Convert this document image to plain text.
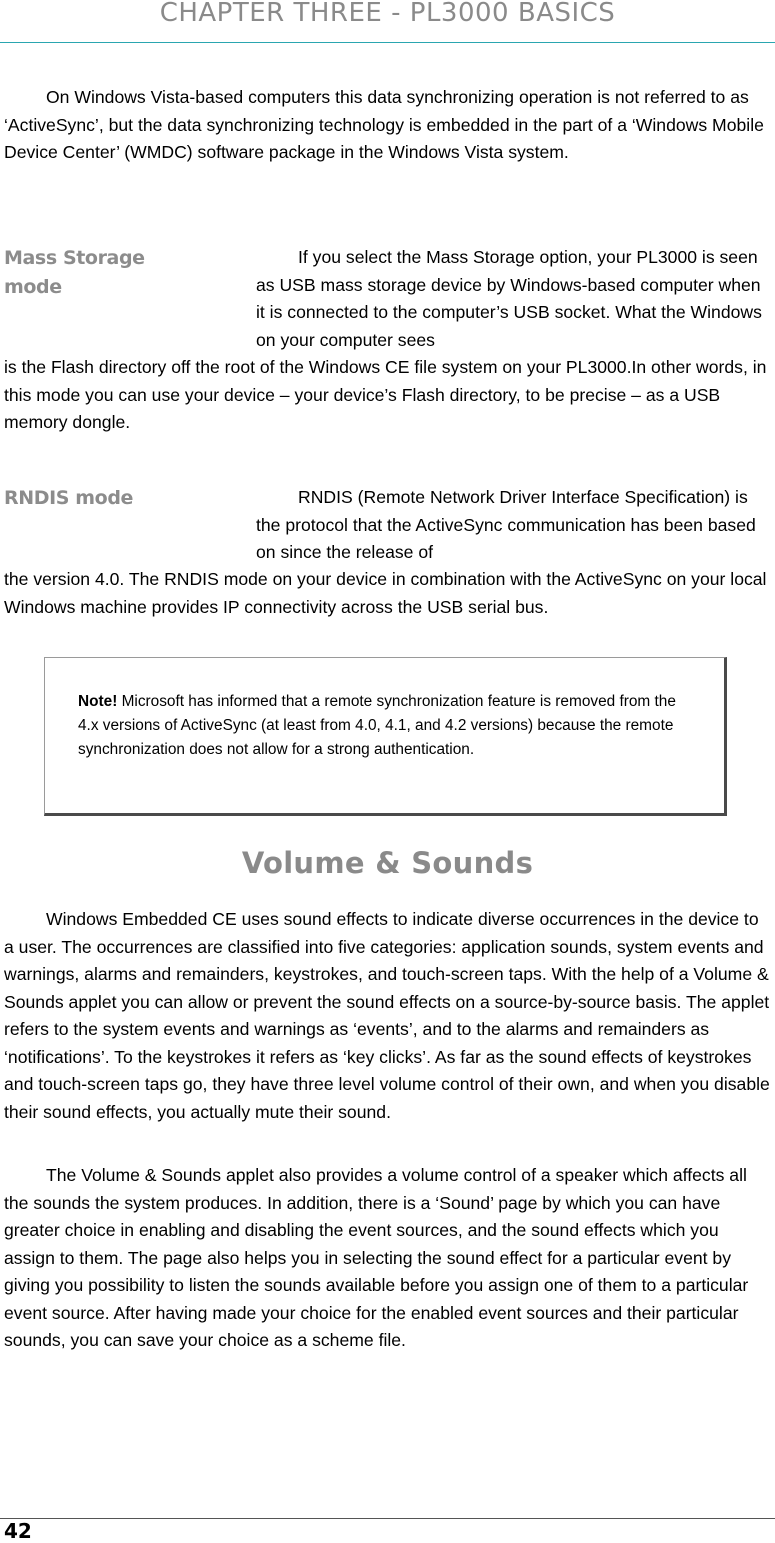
CHAPTER THREE - PL3000 BASICS

On Windows Vista-based computers this data synchronizing operation is not referred to as ‘ActiveSync’, but the data synchronizing technology is embedded in the part of a ‘Windows Mobile Device Center’ (WMDC) software package in the Windows Vista system.

Mass Storage
mode

If you select the Mass Storage option, your PL3000 is seen as USB mass storage device by Windows-based computer when it is connected to the computer’s USB socket. What the Windows on your computer sees

is the Flash directory off the root of the Windows CE file system on your PL3000.In other words, in this mode you can use your device – your device’s Flash directory, to be precise – as a USB memory dongle.

RNDIS mode	RNDIS (Remote Network Driver Interface Specification) is the protocol that the ActiveSync communication has been based on since the release of

the version 4.0. The RNDIS mode on your device in combination with the ActiveSync on your local Windows machine provides IP connectivity across the USB serial bus.

Note! Microsoft has informed that a remote synchronization feature is removed from the 4.x versions of ActiveSync (at least from 4.0, 4.1, and 4.2 versions) because the remote synchronization does not allow for a strong authentication.
Volume & Sounds

Windows Embedded CE uses sound effects to indicate diverse occurrences in the device to a user. The occurrences are classified into five categories: application sounds, system events and warnings, alarms and remainders, keystrokes, and touch-screen taps. With the help of a Volume & Sounds applet you can allow or prevent the sound effects on a source-by-source basis. The applet refers to the system events and warnings as ‘events’, and to the alarms and remainders as ‘notifications’. To the keystrokes it refers as ‘key clicks’. As far as the sound effects of keystrokes and touch-screen taps go, they have three level volume control of their own, and when you disable their sound effects, you actually mute their sound.

The Volume & Sounds applet also provides a volume control of a speaker which affects all the sounds the system produces. In addition, there is a ‘Sound’ page by which you can have greater choice in enabling and disabling the event sources, and the sound effects which you assign to them. The page also helps you in selecting the sound effect for a particular event by giving you possibility to listen the sounds available before you assign one of them to a particular event source. After having made your choice for the enabled event sources and their particular sounds, you can save your choice as a scheme file.

42
